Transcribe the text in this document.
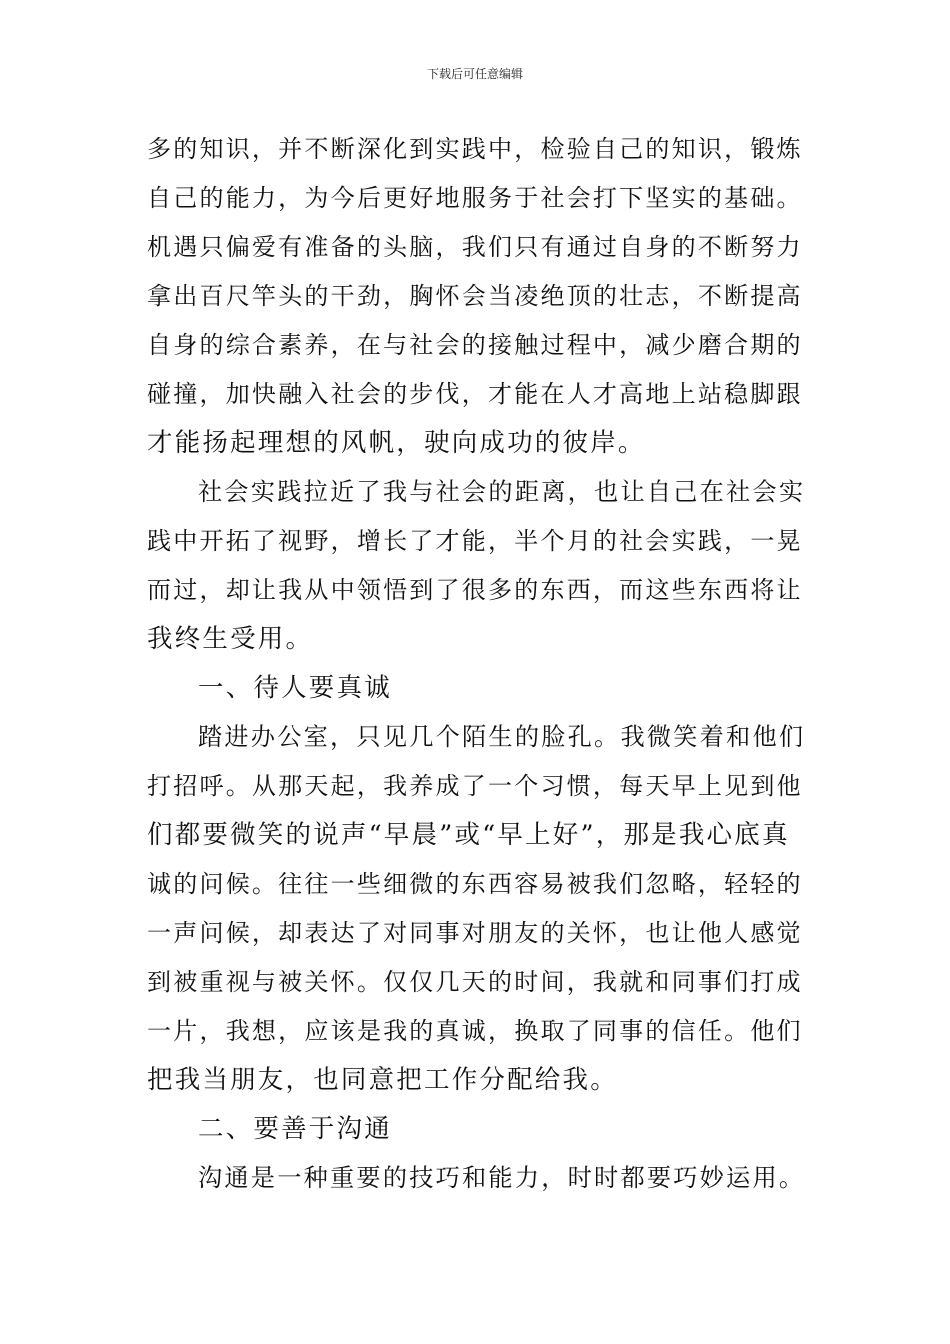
下载后可任意编辑
多的知识，并不断深化到实践中，检验自己的知识，锻炼
自己的能力，为今后更好地服务于社会打下坚实的基础。
机遇只偏爱有准备的头脑，我们只有通过自身的不断努力
拿出百尺竿头的干劲，胸怀会当凌绝顶的壮志，不断提高
自身的综合素养，在与社会的接触过程中，减少磨合期的
碰撞，加快融入社会的步伐，才能在人才高地上站稳脚跟
才能扬起理想的风帆，驶向成功的彼岸。
社会实践拉近了我与社会的距离，也让自己在社会实
践中开拓了视野，增长了才能，半个月的社会实践，一晃
而过，却让我从中领悟到了很多的东西，而这些东西将让
我终生受用。
一、待人要真诚
踏进办公室，只见几个陌生的脸孔。我微笑着和他们
打招呼。从那天起，我养成了一个习惯，每天早上见到他
们都要微笑的说声“早晨”或“早上好”，那是我心底真
诚的问候。往往一些细微的东西容易被我们忽略，轻轻的
一声问候，却表达了对同事对朋友的关怀，也让他人感觉
到被重视与被关怀。仅仅几天的时间，我就和同事们打成
一片，我想，应该是我的真诚，换取了同事的信任。他们
把我当朋友，也同意把工作分配给我。
二、要善于沟通
沟通是一种重要的技巧和能力，时时都要巧妙运用。
